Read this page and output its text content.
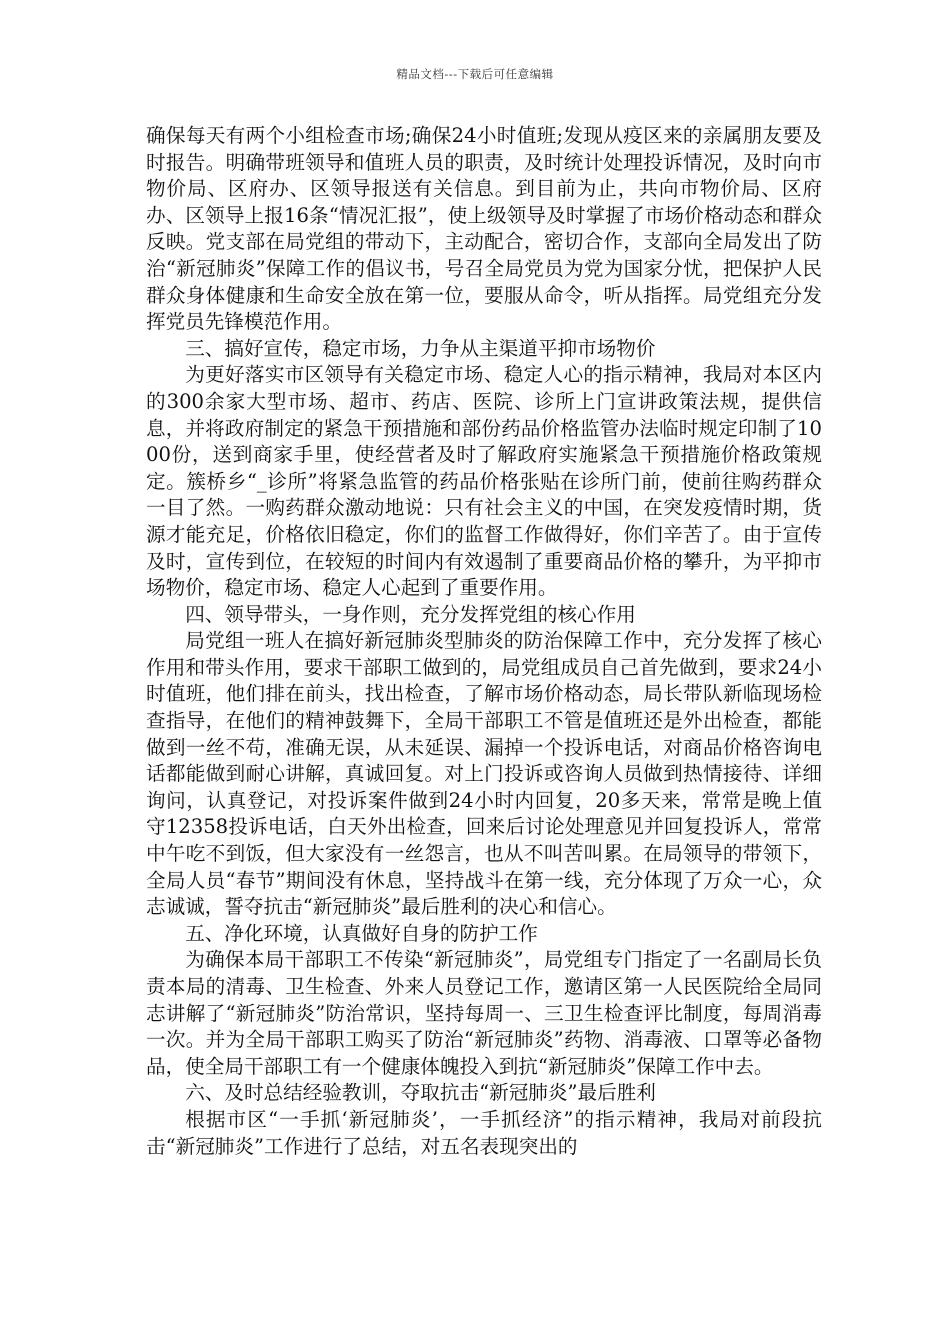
精品文档---下载后可任意编辑

确保每天有两个小组检查市场;确保24小时值班;发现从疫区来的亲属朋友要及时报告。明确带班领导和值班人员的职责，及时统计处理投诉情况，及时向市物价局、区府办、区领导报送有关信息。到目前为止，共向市物价局、区府办、区领导上报16条“情况汇报”，使上级领导及时掌握了市场价格动态和群众反映。党支部在局党组的带动下，主动配合，密切合作，支部向全局发出了防治“新冠肺炎”保障工作的倡议书，号召全局党员为党为国家分忧，把保护人民群众身体健康和生命安全放在第一位，要服从命令，听从指挥。局党组充分发挥党员先锋模范作用。

三、搞好宣传，稳定市场，力争从主渠道平抑市场物价

为更好落实市区领导有关稳定市场、稳定人心的指示精神，我局对本区内的300余家大型市场、超市、药店、医院、诊所上门宣讲政策法规，提供信息，并将政府制定的紧急干预措施和部份药品价格监管办法临时规定印制了1000份，送到商家手里，使经营者及时了解政府实施紧急干预措施价格政策规定。簇桥乡“_诊所”将紧急监管的药品价格张贴在诊所门前，使前往购药群众一目了然。一购药群众激动地说：只有社会主义的中国，在突发疫情时期，货源才能充足，价格依旧稳定，你们的监督工作做得好，你们辛苦了。由于宣传及时，宣传到位，在较短的时间内有效遏制了重要商品价格的攀升，为平抑市场物价，稳定市场、稳定人心起到了重要作用。

四、领导带头，一身作则，充分发挥党组的核心作用

局党组一班人在搞好新冠肺炎型肺炎的防治保障工作中，充分发挥了核心作用和带头作用，要求干部职工做到的，局党组成员自己首先做到，要求24小时值班，他们排在前头，找出检查，了解市场价格动态，局长带队新临现场检查指导，在他们的精神鼓舞下，全局干部职工不管是值班还是外出检查，都能做到一丝不苟，准确无误，从未延误、漏掉一个投诉电话，对商品价格咨询电话都能做到耐心讲解，真诚回复。对上门投诉或咨询人员做到热情接待、详细询问，认真登记，对投诉案件做到24小时内回复，20多天来，常常是晚上值守12358投诉电话，白天外出检查，回来后讨论处理意见并回复投诉人，常常中午吃不到饭，但大家没有一丝怨言，也从不叫苦叫累。在局领导的带领下，全局人员“春节”期间没有休息，坚持战斗在第一线，充分体现了万众一心，众志诚诚，誓夺抗击“新冠肺炎”最后胜利的决心和信心。

五、净化环境，认真做好自身的防护工作

为确保本局干部职工不传染“新冠肺炎”，局党组专门指定了一名副局长负责本局的清毒、卫生检查、外来人员登记工作，邀请区第一人民医院给全局同志讲解了“新冠肺炎”防治常识，坚持每周一、三卫生检查评比制度，每周消毒一次。并为全局干部职工购买了防治“新冠肺炎”药物、消毒液、口罩等必备物品，使全局干部职工有一个健康体魄投入到抗“新冠肺炎”保障工作中去。

六、及时总结经验教训，夺取抗击“新冠肺炎”最后胜利

根据市区“一手抓‘新冠肺炎’，一手抓经济”的指示精神，我局对前段抗击“新冠肺炎”工作进行了总结，对五名表现突出的
